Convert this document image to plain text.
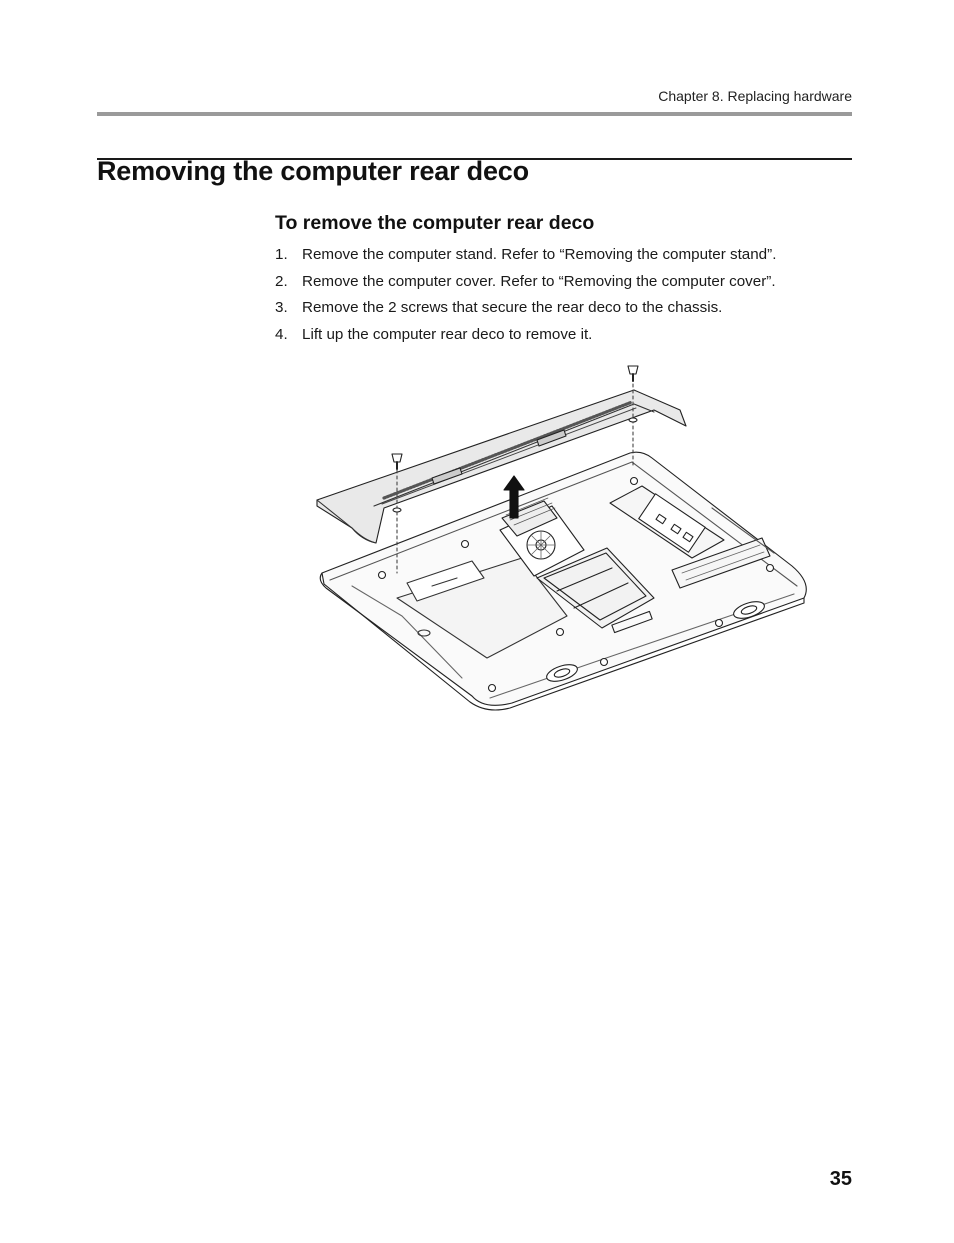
Chapter 8. Replacing hardware
Removing the computer rear deco
To remove the computer rear deco
1. Remove the computer stand. Refer to “Removing the computer stand”.
2. Remove the computer cover. Refer to “Removing the computer cover”.
3. Remove the 2 screws that secure the rear deco to the chassis.
4. Lift up the computer rear deco to remove it.
35
